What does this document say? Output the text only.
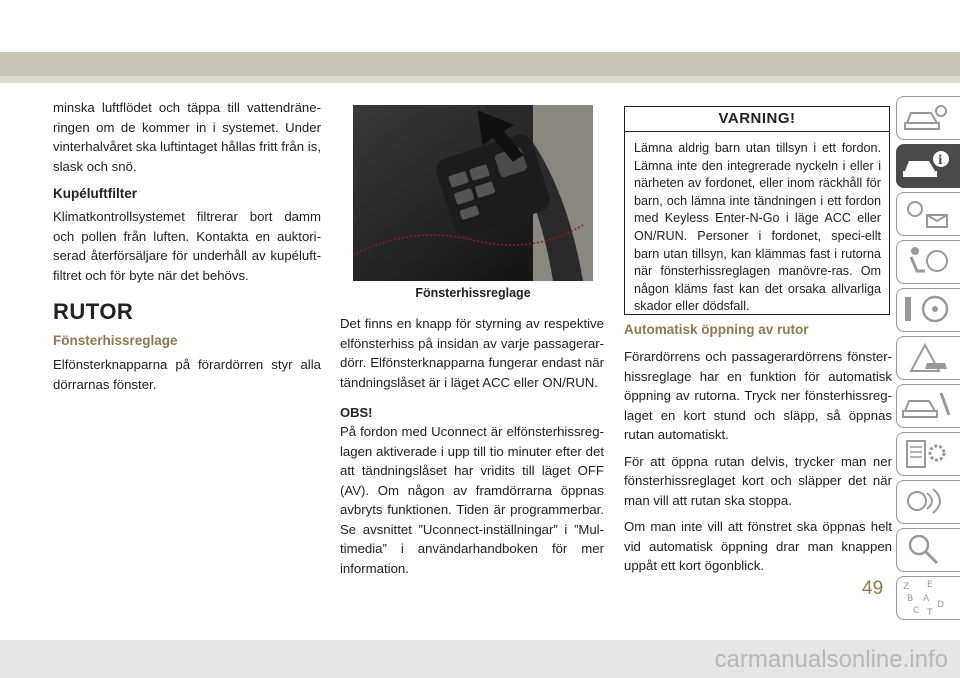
minska luftflödet och täppa till vattendräne-ringen om de kommer in i systemet. Under vinterhalvåret ska luftintaget hållas fritt från is, slask och snö.

Kupéluftfilter

Klimatkontrollsystemet filtrerar bort damm och pollen från luften. Kontakta en auktori-serad återförsäljare för underhåll av kupéluft-filtret och för byte när det behövs.

RUTOR
Fönsterhissreglage

Elfönsterknapparna på förardörren styr alla dörrarnas fönster.

Fönsterhissreglage

Det finns en knapp för styrning av respektive elfönsterhiss på insidan av varje passagerar-dörr. Elfönsterknapparna fungerar endast när tändningslåset är i läget ACC eller ON/RUN.

OBS!

På fordon med Uconnect är elfönsterhissreg-lagen aktiverade i upp till tio minuter efter det att tändningslåset har vridits till läget OFF (AV). Om någon av framdörrarna öppnas avbryts funktionen. Tiden är programmerbar. Se avsnittet ”Uconnect-inställningar” i ”Mul-timedia” i användarhandboken för mer information.

VARNING!
Lämna aldrig barn utan tillsyn i ett fordon. Lämna inte den integrerade nyckeln i eller i närheten av fordonet, eller inom räckhåll för barn, och lämna inte tändningen i ett fordon med Keyless Enter-N-Go i läge ACC eller ON/RUN. Personer i fordonet, speci-ellt barn utan tillsyn, kan klämmas fast i rutorna när fönsterhissreglagen manövre-ras. Om någon kläms fast kan det orsaka allvarliga skador eller dödsfall.
Automatisk öppning av rutor

Förardörrens och passagerardörrens fönster-hissreglage har en funktion för automatisk öppning av rutorna. Tryck ner fönsterhissreg-laget en kort stund och släpp, så öppnas rutan automatiskt.

För att öppna rutan delvis, trycker man ner fönsterhissreglaget kort och släpper det när man vill att rutan ska stoppa.

Om man inte vill att fönstret ska öppnas helt vid automatisk öppning drar man knappen uppåt ett kort ögonblick.

i
Z E
B A
D
C T
49
carmanualsonline.info
